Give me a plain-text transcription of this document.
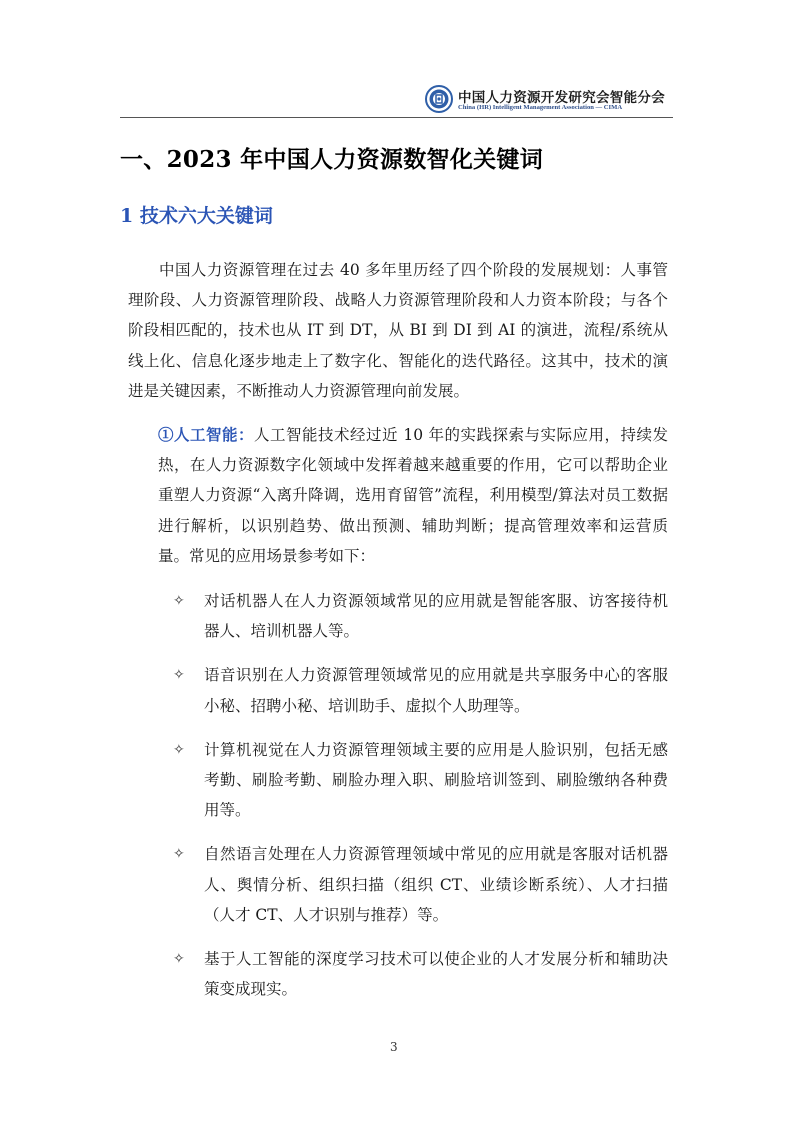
中国人力资源开发研究会智能分会
China (HR) Intelligent Management Association — CIMA
一、2023 年中国人力资源数智化关键词
1 技术六大关键词

中国人力资源管理在过去 40 多年里历经了四个阶段的发展规划：人事管理阶段、人力资源管理阶段、战略人力资源管理阶段和人力资本阶段；与各个阶段相匹配的，技术也从 IT 到 DT，从 BI 到 DI 到 AI 的演进，流程/系统从线上化、信息化逐步地走上了数字化、智能化的迭代路径。这其中，技术的演进是关键因素，不断推动人力资源管理向前发展。

①人工智能：人工智能技术经过近 10 年的实践探索与实际应用，持续发热，在人力资源数字化领域中发挥着越来越重要的作用，它可以帮助企业重塑人力资源“入离升降调，选用育留管”流程，利用模型/算法对员工数据进行解析，以识别趋势、做出预测、辅助判断；提高管理效率和运营质量。常见的应用场景参考如下：

✧	对话机器人在人力资源领域常见的应用就是智能客服、访客接待机器人、培训机器人等。
✧	语音识别在人力资源管理领域常见的应用就是共享服务中心的客服小秘、招聘小秘、培训助手、虚拟个人助理等。
✧	计算机视觉在人力资源管理领域主要的应用是人脸识别，包括无感考勤、刷脸考勤、刷脸办理入职、刷脸培训签到、刷脸缴纳各种费用等。
✧	自然语言处理在人力资源管理领域中常见的应用就是客服对话机器人、舆情分析、组织扫描（组织 CT、业绩诊断系统）、人才扫描（人才 CT、人才识别与推荐）等。
✧	基于人工智能的深度学习技术可以使企业的人才发展分析和辅助决策变成现实。
3
